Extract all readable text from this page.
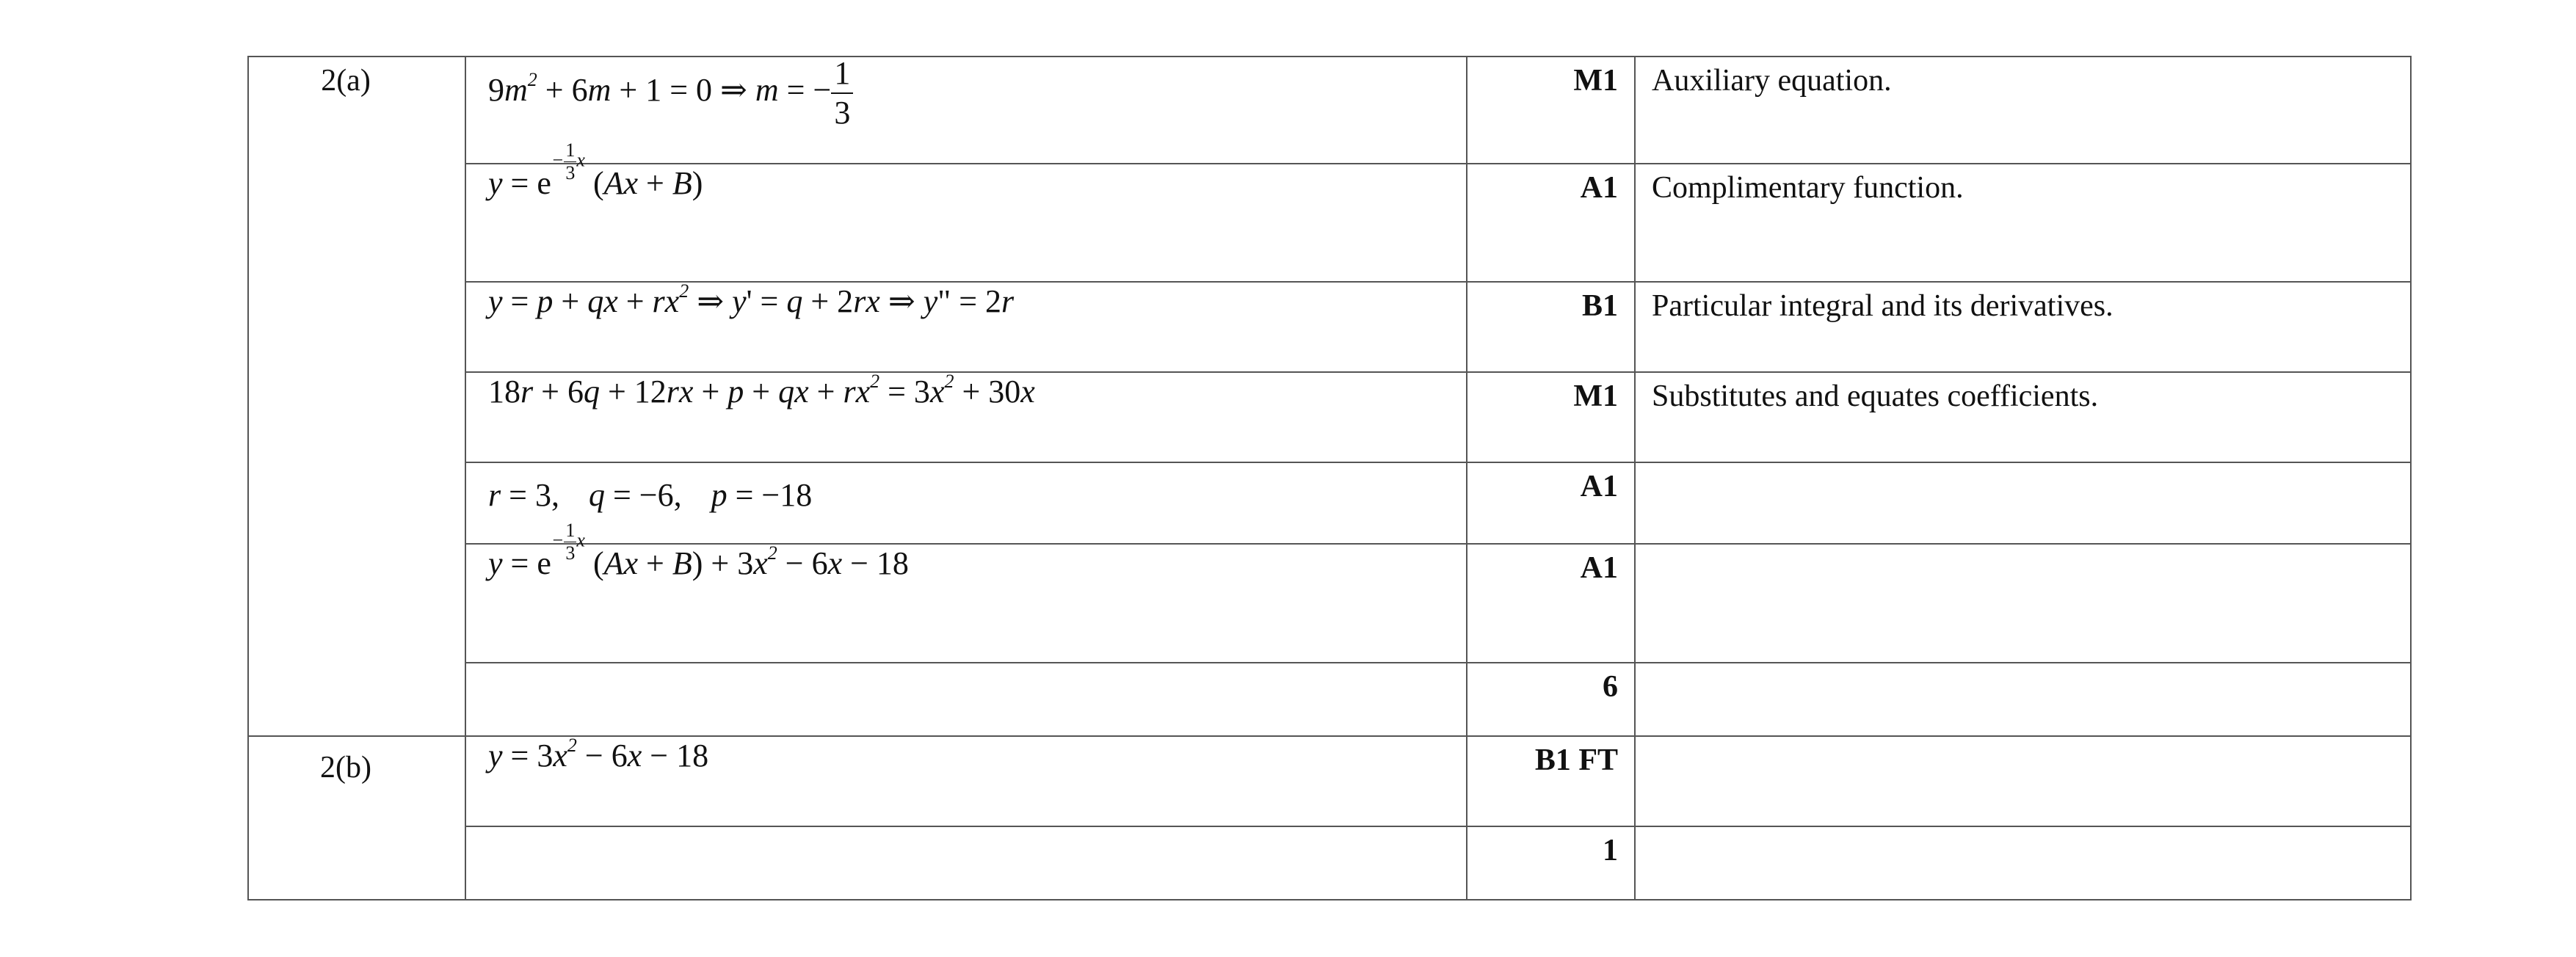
2(a)	$9m^2 + 6m + 1 = 0$ ⇒ m = − $\frac{1}{3}$	M1	Auxiliary equation.
	$y = e- \frac{1}{3}$ x (Ax + B)	A1	Complimentary function.
	y = p + qx + $rx^2$ ⇒ y' = q + 2rx ⇒ y" = 2r	B1	Particular integral and its derivatives.
	18r + 6q + 12rx + p + qx + $rx^2 = 3x^2 + 30x$	M1	Substitutes and equates coefficients.
	r = 3, q = −6, p = −18	A1	
	$y = e- \frac{1}{3}$ x $(Ax + B) + 3x^2 - 6x - 18$	A1	
		6	
2(b)	$y = 3x^2 - 6x - 18$	B1 FT	
		1	
